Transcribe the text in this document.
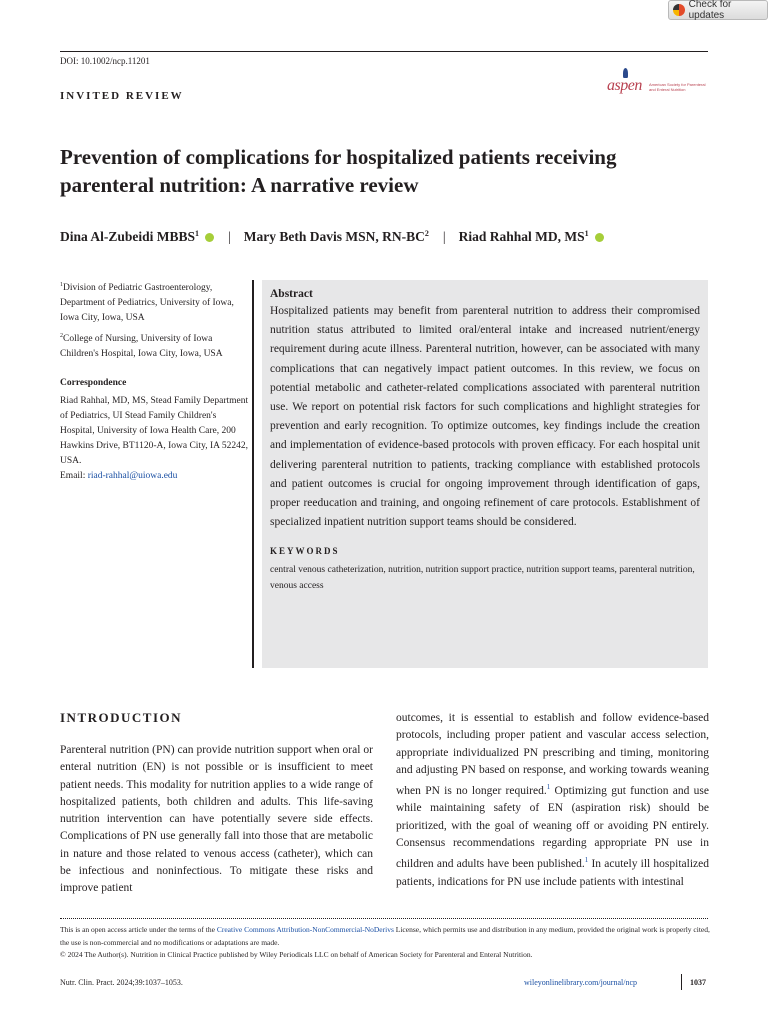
Check for updates
DOI: 10.1002/ncp.11201
INVITED REVIEW
aspen American Society for Parenteral and Enteral Nutrition
Prevention of complications for hospitalized patients receiving parenteral nutrition: A narrative review
Dina Al-Zubeidi MBBS$^1$ | Mary Beth Davis MSN, $RN-BC^2$ | Riad Rahhal MD, $MS^1$

$^1$Division of Pediatric Gastroenterology, Department of Pediatrics, University of Iowa, Iowa City, Iowa, USA

$^2$College of Nursing, University of Iowa Children's Hospital, Iowa City, Iowa, USA

Correspondence

Riad Rahhal, MD, MS, Stead Family Department of Pediatrics, UI Stead Family Children's Hospital, University of Iowa Health Care, 200 Hawkins Drive, BT1120-A, Iowa City, IA 52242, USA.
Email: riad-rahhal@uiowa.edu

Abstract
Hospitalized patients may benefit from parenteral nutrition to address their compromised nutrition status attributed to limited oral/enteral intake and increased nutrient/energy requirement during acute illness. Parenteral nutrition, however, can be associated with many complications that can negatively impact patient outcomes. In this review, we focus on potential metabolic and catheter-related complications associated with parenteral nutrition use. We report on potential risk factors for such complications and highlight strategies for prevention and early recognition. To optimize outcomes, key findings include the creation and implementation of evidence-based protocols with proven efficacy. For each hospital unit delivering parenteral nutrition to patients, tracking compliance with established protocols and patient outcomes is crucial for ongoing improvement through identification of gaps, proper reeducation and training, and ongoing refinement of care protocols. Establishment of specialized inpatient nutrition support teams should be considered.
KEYWORDS
central venous catheterization, nutrition, nutrition support practice, nutrition support teams, parenteral nutrition, venous access
INTRODUCTION
Parenteral nutrition (PN) can provide nutrition support when oral or enteral nutrition (EN) is not possible or is insufficient to meet patient needs. This modality for nutrition applies to a wide range of hospitalized patients, both children and adults. This life-saving nutrition intervention can have potentially severe side effects. Complications of PN use generally fall into those that are metabolic in nature and those related to venous access (catheter), which can be infectious and noninfectious. To mitigate these risks and improve patient
outcomes, it is essential to establish and follow evidence-based protocols, including proper patient and vascular access selection, appropriate individualized PN prescribing and timing, monitoring and adjusting PN based on response, and working towards weaning when PN is no longer required.$^1$ Optimizing gut function and use while maintaining safety of EN (aspiration risk) should be prioritized, with the goal of weaning off or avoiding PN entirely. Consensus recommendations regarding appropriate PN use in children and adults have been published.$^1$ In acutely ill hospitalized patients, indications for PN use include patients with intestinal
This is an open access article under the terms of the Creative Commons Attribution-NonCommercial-NoDerivs License, which permits use and distribution in any medium, provided the original work is properly cited, the use is non-commercial and no modifications or adaptations are made.
© 2024 The Author(s). Nutrition in Clinical Practice published by Wiley Periodicals LLC on behalf of American Society for Parenteral and Enteral Nutrition.
Nutr. Clin. Pract. 2024;39:1037–1053.	wileyonlinelibrary.com/journal/ncp	1037
